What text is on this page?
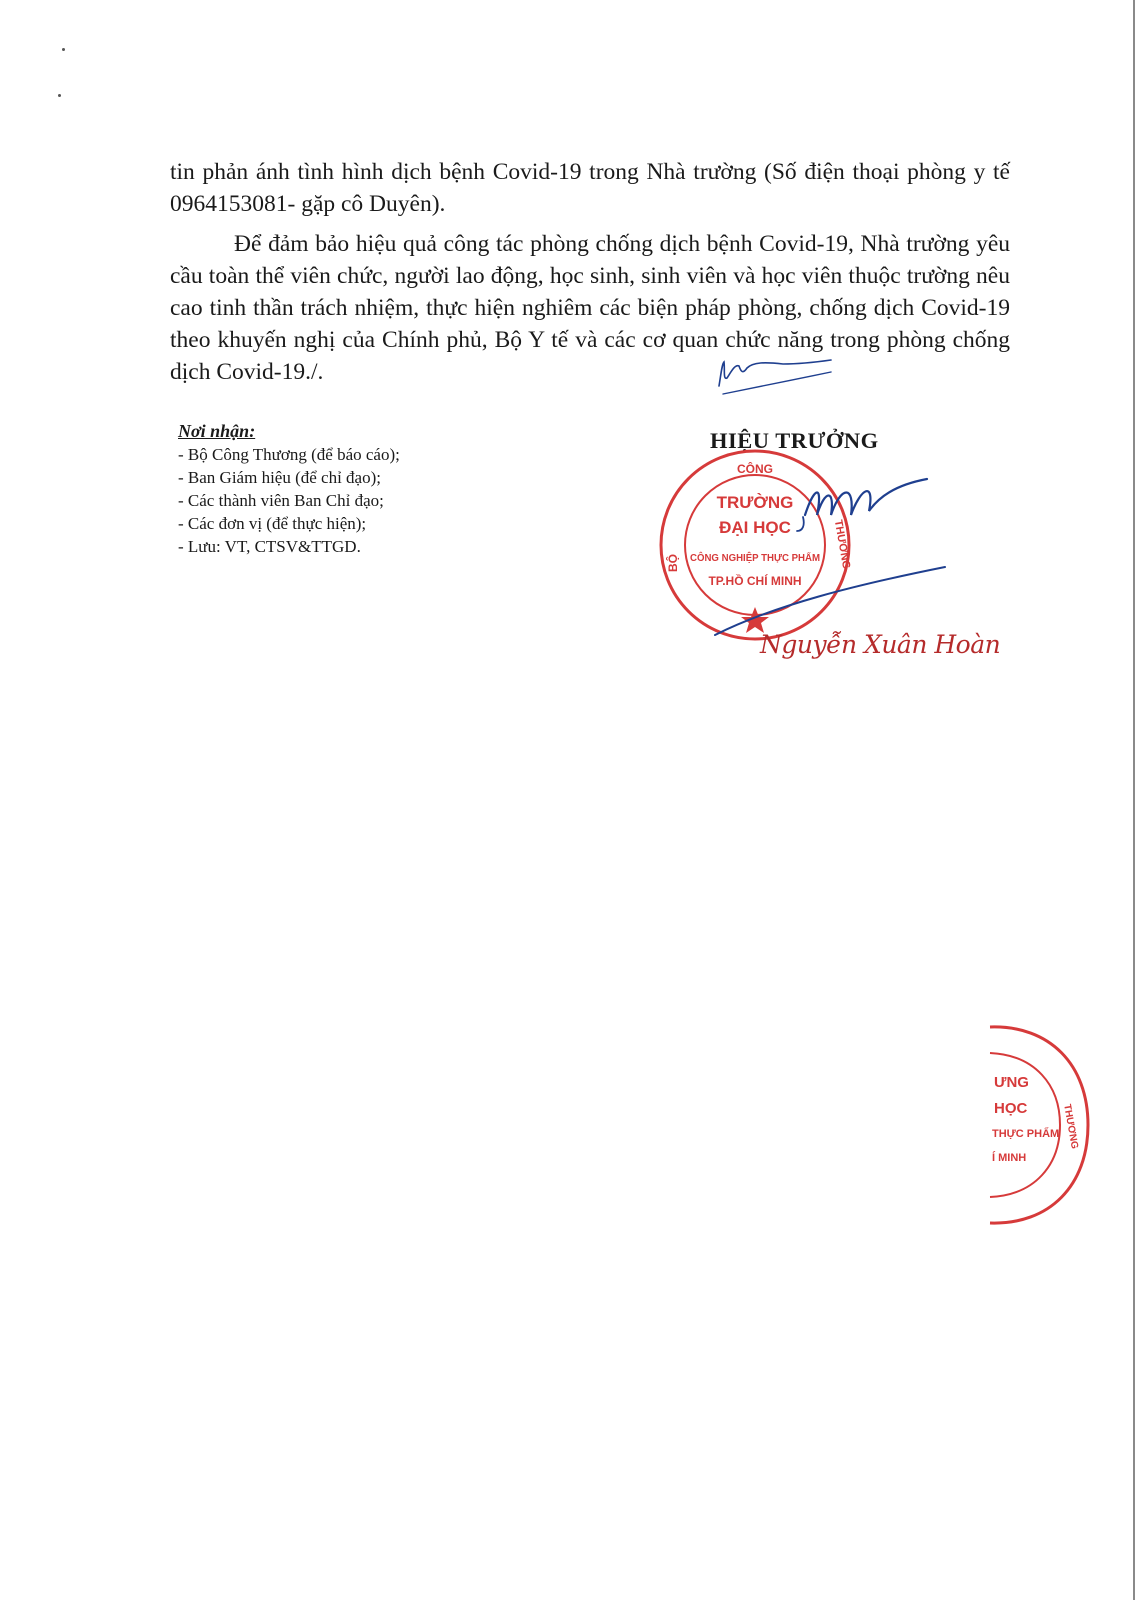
tin phản ánh tình hình dịch bệnh Covid-19 trong Nhà trường (Số điện thoại phòng y tế 0964153081- gặp cô Duyên).
Để đảm bảo hiệu quả công tác phòng chống dịch bệnh Covid-19, Nhà trường yêu cầu toàn thể viên chức, người lao động, học sinh, sinh viên và học viên thuộc trường nêu cao tinh thần trách nhiệm, thực hiện nghiêm các biện pháp phòng, chống dịch Covid-19 theo khuyến nghị của Chính phủ, Bộ Y tế và các cơ quan chức năng trong phòng chống dịch Covid-19./.
Nơi nhận:
- Bộ Công Thương (để báo cáo);
- Ban Giám hiệu (để chỉ đạo);
- Các thành viên Ban Chỉ đạo;
- Các đơn vị (để thực hiện);
- Lưu: VT, CTSV&TTGD.
HIỆU TRƯỞNG
CÔNG
TRƯỜNG
ĐẠI HỌC
CÔNG NGHIỆP THỰC PHẨM
TP.HỒ CHÍ MINH
BỘ	THƯƠNG
Nguyễn Xuân Hoàn
ƯNG
HỌC
THỰC PHẨM
Í MINH
THƯƠNG
